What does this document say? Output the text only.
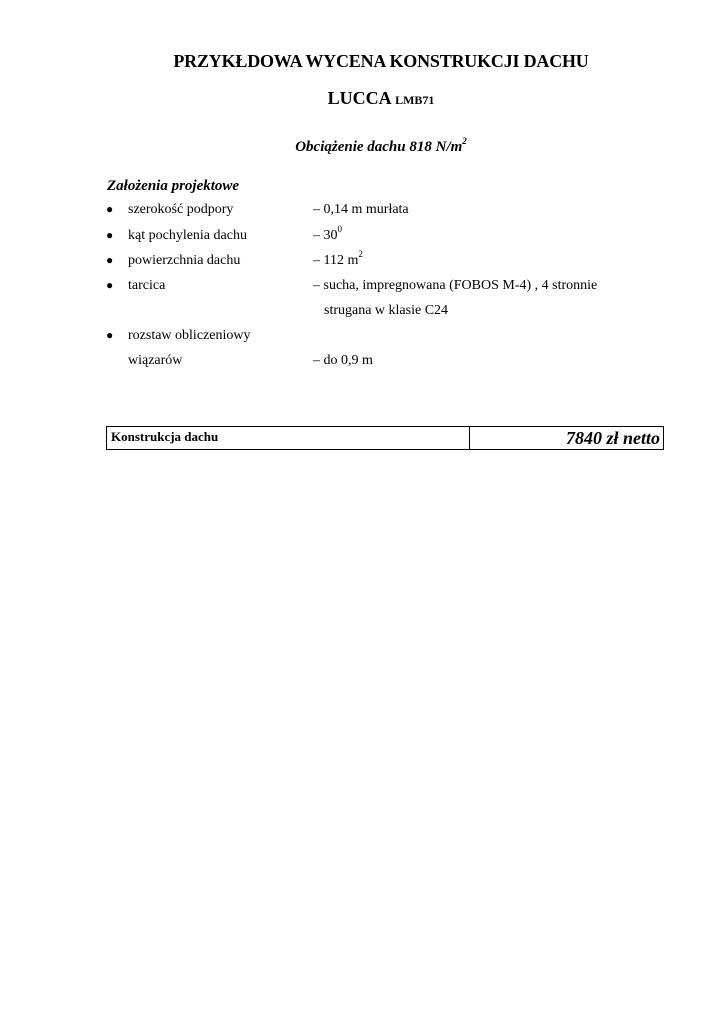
PRZYKŁDOWA WYCENA KONSTRUKCJI DACHU
LUCCA LMB71
Obciążenie dachu 818 $N/m^2$
Założenia projektowe
● szerokość podpory	– 0,14 m murłata
● kąt pochylenia dachu	– $30^0$
● powierzchnia dachu	– 112 $m^2$
● tarcica	– sucha, impregnowana (FOBOS M-4) , 4 stronnie
strugana w klasie C24
● rozstaw obliczeniowy
wiązarów	– do 0,9 m
Konstrukcja dachu	7840 zł netto
